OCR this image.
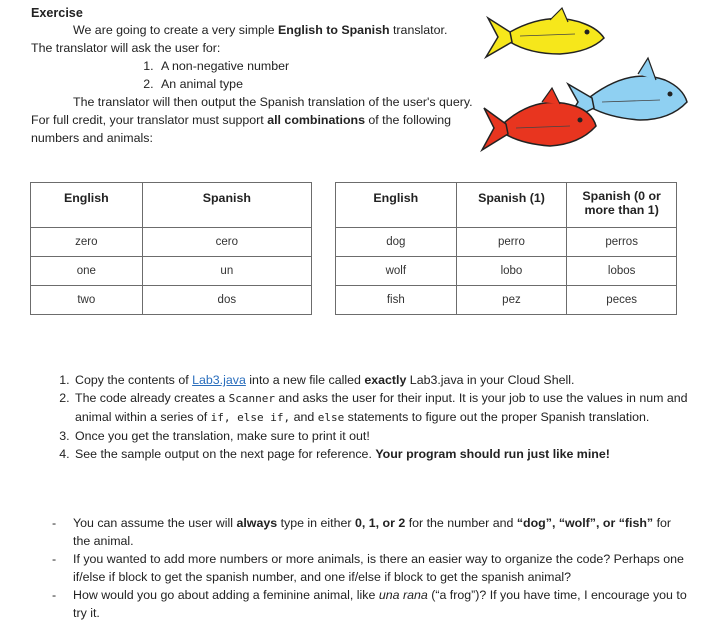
Exercise

We are going to create a very simple English to Spanish translator.

The translator will ask the user for:

1. A non-negative number
2. An animal type

The translator will then output the Spanish translation of the user's query. For full credit, your translator must support all combinations of the following numbers and animals:

English	Spanish
zero	cero
one	un
two	dos
English	Spanish (1)	Spanish (0 or more than 1)
dog	perro	perros
wolf	lobo	lobos
fish	pez	peces
1. Copy the contents of Lab3.java into a new file called exactly Lab3.java in your Cloud Shell.
2. The code already creates a Scanner and asks the user for their input. It is your job to use the values in num and animal within a series of if, else if, and else statements to figure out the proper Spanish translation.
3. Once you get the translation, make sure to print it out!
4. See the sample output on the next page for reference. Your program should run just like mine!
- You can assume the user will always type in either 0, 1, or 2 for the number and “dog”, “wolf”, or “fish” for the animal.
- If you wanted to add more numbers or more animals, is there an easier way to organize the code? Perhaps one if/else if block to get the spanish number, and one if/else if block to get the spanish animal?
- How would you go about adding a feminine animal, like una rana (“a frog”)? If you have time, I encourage you to try it.
